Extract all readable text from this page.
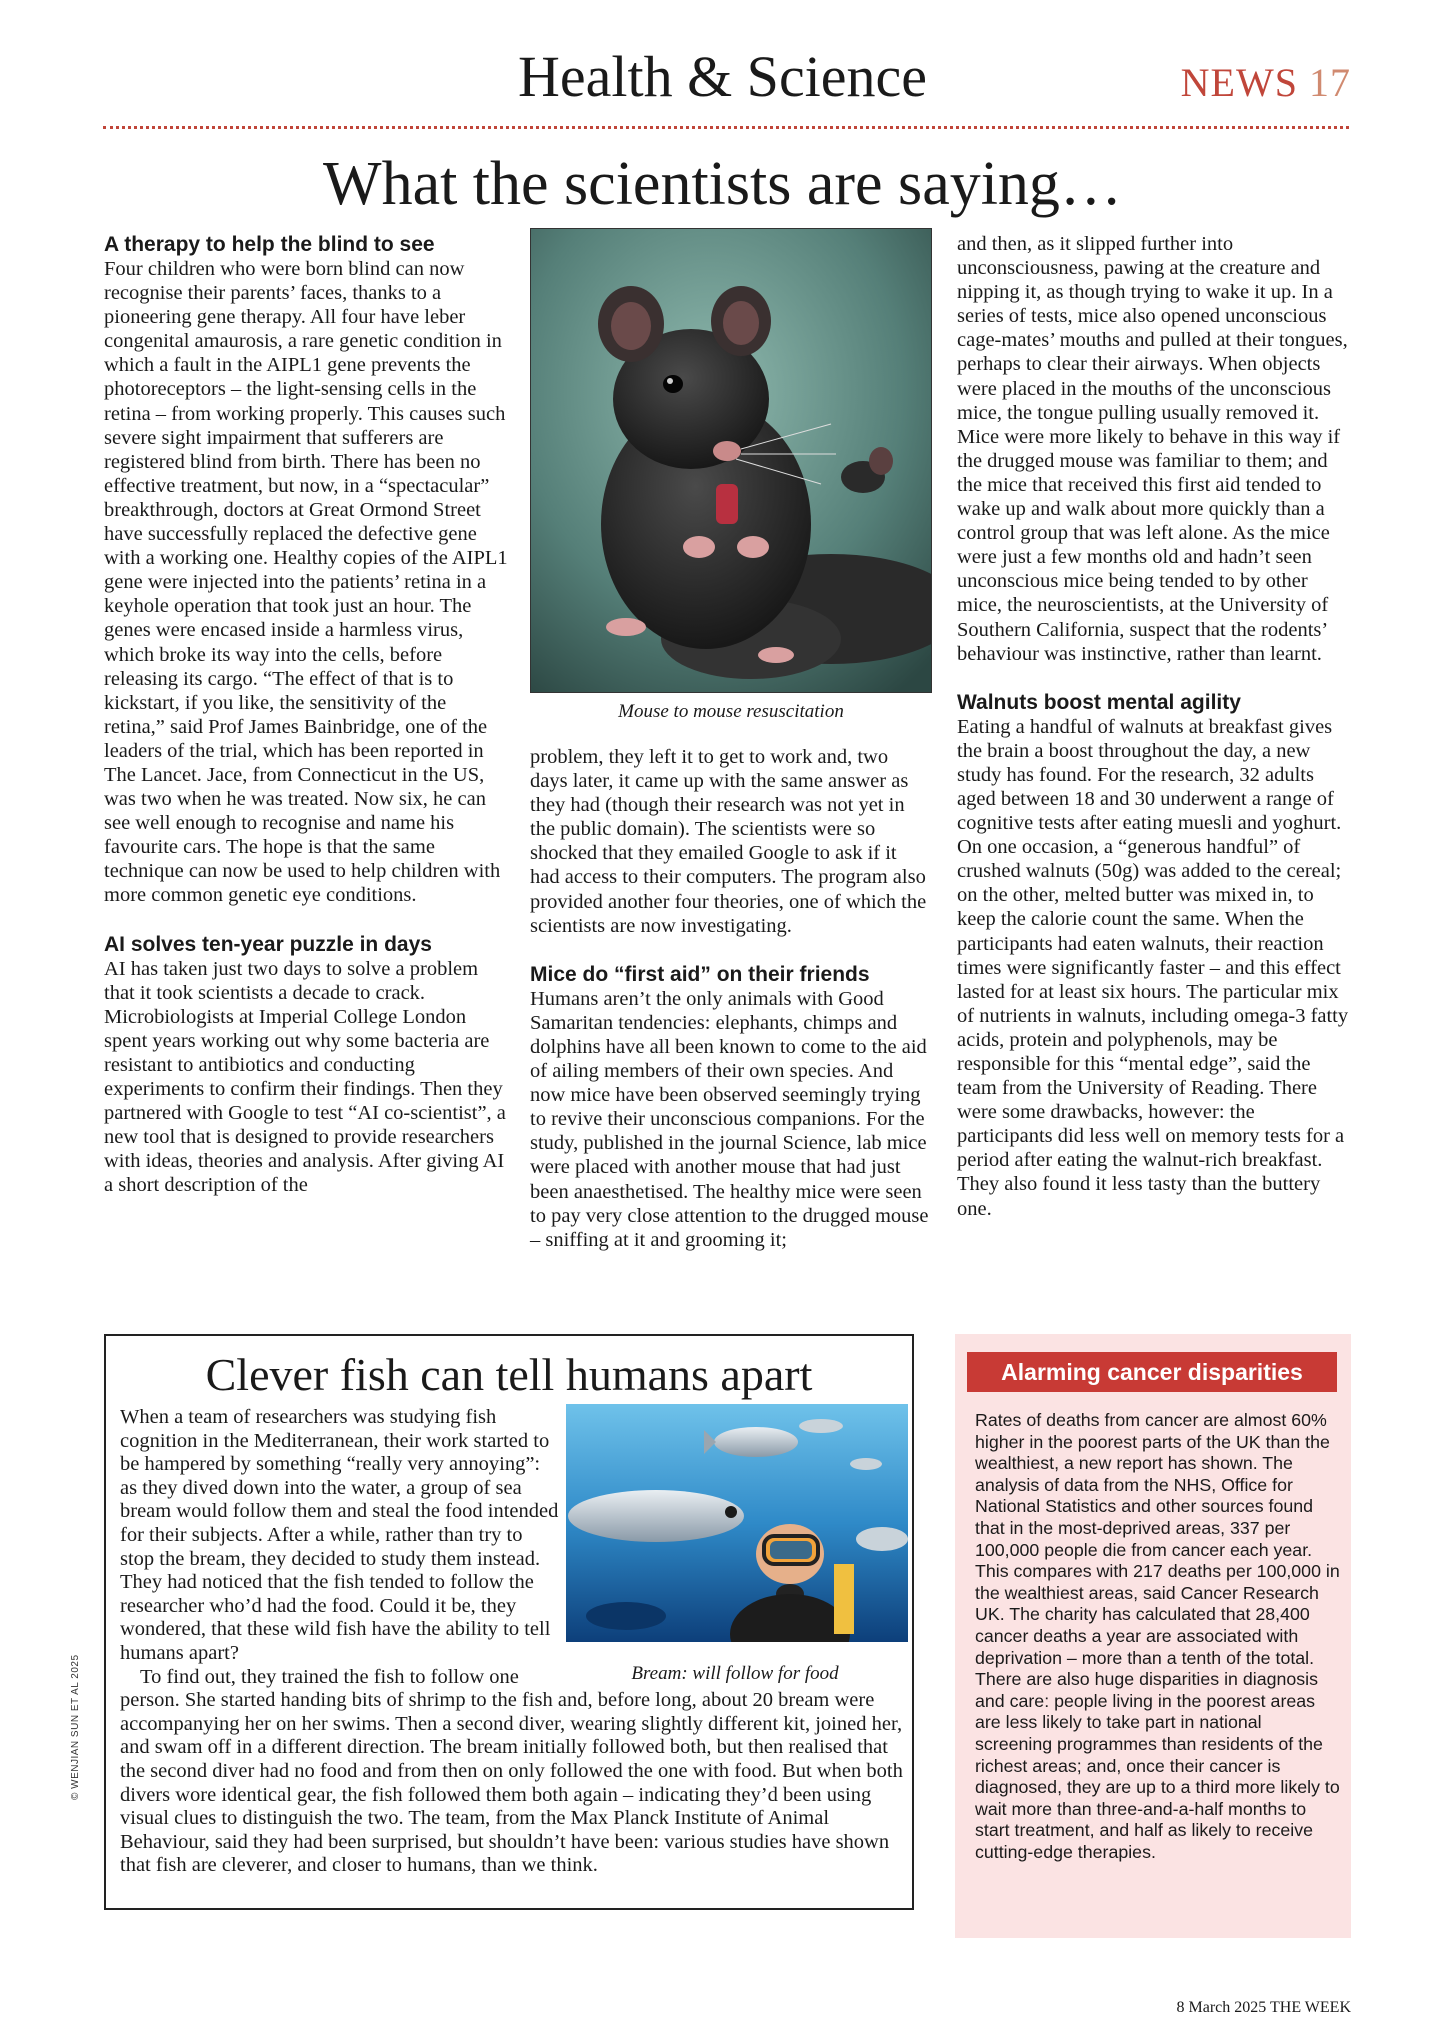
Health & Science	NEWS 17
What the scientists are saying…
A therapy to help the blind to see

Four children who were born blind can now recognise their parents’ faces, thanks to a pioneering gene therapy. All four have leber congenital amaurosis, a rare genetic condition in which a fault in the AIPL1 gene prevents the photoreceptors – the light-sensing cells in the retina – from working properly. This causes such severe sight impairment that sufferers are registered blind from birth. There has been no effective treatment, but now, in a “spectacular” breakthrough, doctors at Great Ormond Street have successfully replaced the defective gene with a working one. Healthy copies of the AIPL1 gene were injected into the patients’ retina in a keyhole operation that took just an hour. The genes were encased inside a harmless virus, which broke its way into the cells, before releasing its cargo. “The effect of that is to kickstart, if you like, the sensitivity of the retina,” said Prof James Bainbridge, one of the leaders of the trial, which has been reported in The Lancet. Jace, from Connecticut in the US, was two when he was treated. Now six, he can see well enough to recognise and name his favourite cars. The hope is that the same technique can now be used to help children with more common genetic eye conditions.

AI solves ten-year puzzle in days

AI has taken just two days to solve a problem that it took scientists a decade to crack. Microbiologists at Imperial College London spent years working out why some bacteria are resistant to antibiotics and conducting experiments to confirm their findings. Then they partnered with Google to test “AI co-scientist”, a new tool that is designed to provide researchers with ideas, theories and analysis. After giving AI a short description of the

Mouse to mouse resuscitation

problem, they left it to get to work and, two days later, it came up with the same answer as they had (though their research was not yet in the public domain). The scientists were so shocked that they emailed Google to ask if it had access to their computers. The program also provided another four theories, one of which the scientists are now investigating.

Mice do “first aid” on their friends

Humans aren’t the only animals with Good Samaritan tendencies: elephants, chimps and dolphins have all been known to come to the aid of ailing members of their own species. And now mice have been observed seemingly trying to revive their unconscious companions. For the study, published in the journal Science, lab mice were placed with another mouse that had just been anaesthetised. The healthy mice were seen to pay very close attention to the drugged mouse – sniffing at it and grooming it;

and then, as it slipped further into unconsciousness, pawing at the creature and nipping it, as though trying to wake it up. In a series of tests, mice also opened unconscious cage-mates’ mouths and pulled at their tongues, perhaps to clear their airways. When objects were placed in the mouths of the unconscious mice, the tongue pulling usually removed it. Mice were more likely to behave in this way if the drugged mouse was familiar to them; and the mice that received this first aid tended to wake up and walk about more quickly than a control group that was left alone. As the mice were just a few months old and hadn’t seen unconscious mice being tended to by other mice, the neuroscientists, at the University of Southern California, suspect that the rodents’ behaviour was instinctive, rather than learnt.

Walnuts boost mental agility

Eating a handful of walnuts at breakfast gives the brain a boost throughout the day, a new study has found. For the research, 32 adults aged between 18 and 30 underwent a range of cognitive tests after eating muesli and yoghurt. On one occasion, a “generous handful” of crushed walnuts (50g) was added to the cereal; on the other, melted butter was mixed in, to keep the calorie count the same. When the participants had eaten walnuts, their reaction times were significantly faster – and this effect lasted for at least six hours. The particular mix of nutrients in walnuts, including omega-3 fatty acids, protein and polyphenols, may be responsible for this “mental edge”, said the team from the University of Reading. There were some drawbacks, however: the participants did less well on memory tests for a period after eating the walnut-rich breakfast. They also found it less tasty than the buttery one.

Clever fish can tell humans apart
Bream: will follow for food

When a team of researchers was studying fish cognition in the Mediterranean, their work started to be hampered by something “really very annoying”: as they dived down into the water, a group of sea bream would follow them and steal the food intended for their subjects. After a while, rather than try to stop the bream, they decided to study them instead. They had noticed that the fish tended to follow the researcher who’d had the food. Could it be, they wondered, that these wild fish have the ability to tell humans apart?

To find out, they trained the fish to follow one person. She started handing bits of shrimp to the fish and, before long, about 20 bream were accompanying her on her swims. Then a second diver, wearing slightly different kit, joined her, and swam off in a different direction. The bream initially followed both, but then realised that the second diver had no food and from then on only followed the one with food. But when both divers wore identical gear, the fish followed them both again – indicating they’d been using visual clues to distinguish the two. The team, from the Max Planck Institute of Animal Behaviour, said they had been surprised, but shouldn’t have been: various studies have shown that fish are cleverer, and closer to humans, than we think.

Alarming cancer disparities
Rates of deaths from cancer are almost 60% higher in the poorest parts of the UK than the wealthiest, a new report has shown. The analysis of data from the NHS, Office for National Statistics and other sources found that in the most-deprived areas, 337 per 100,000 people die from cancer each year. This compares with 217 deaths per 100,000 in the wealthiest areas, said Cancer Research UK. The charity has calculated that 28,400 cancer deaths a year are associated with deprivation – more than a tenth of the total. There are also huge disparities in diagnosis and care: people living in the poorest areas are less likely to take part in national screening programmes than residents of the richest areas; and, once their cancer is diagnosed, they are up to a third more likely to wait more than three-and-a-half months to start treatment, and half as likely to receive cutting-edge therapies.
© WENJIAN SUN ET AL 2025
8 March 2025 THE WEEK
